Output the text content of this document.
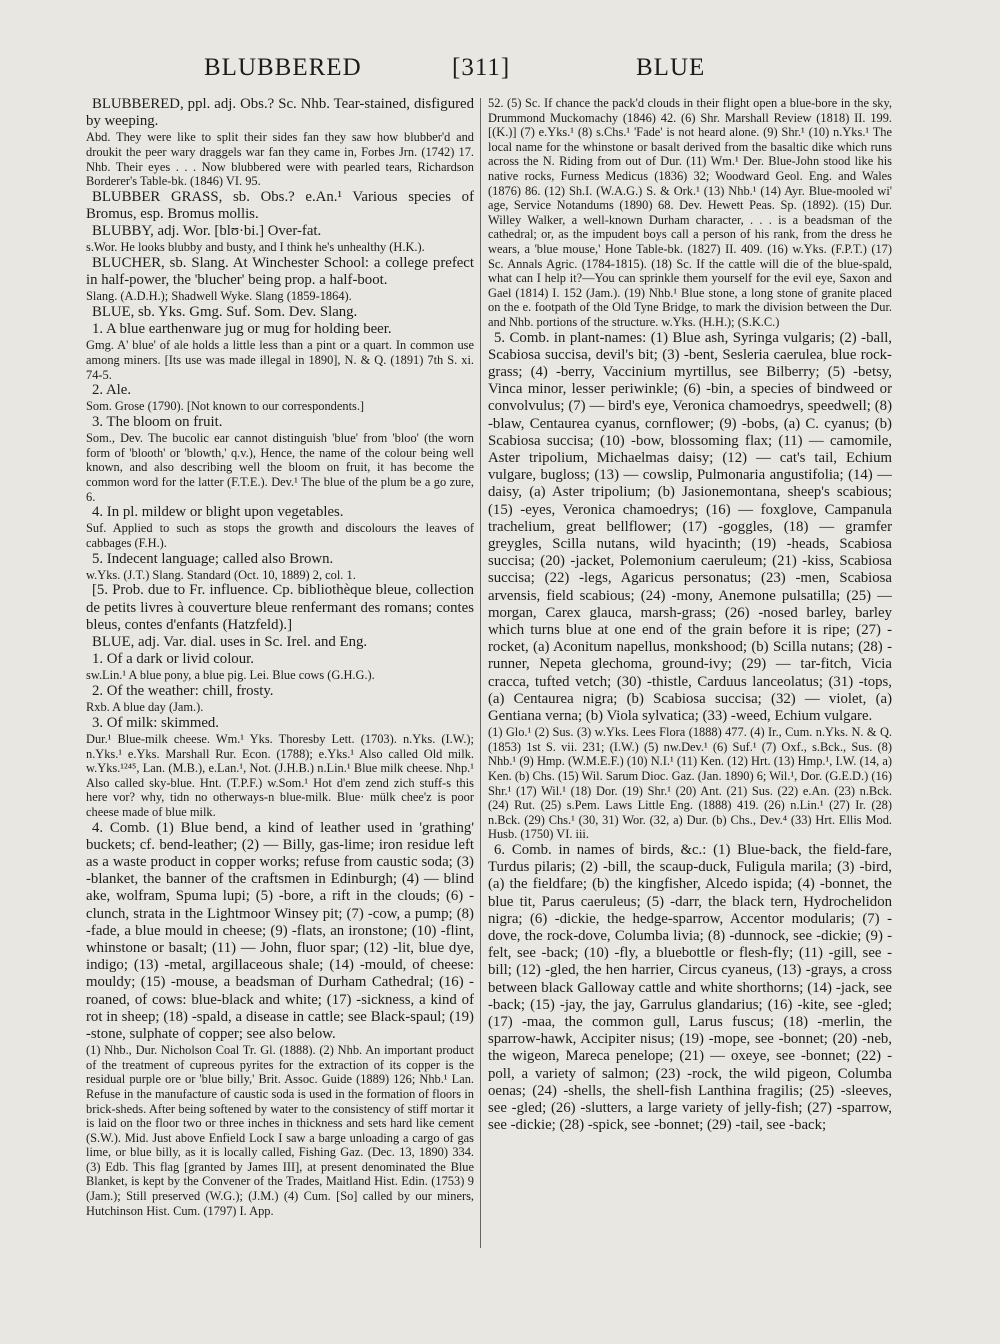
BLUBBERED	[311]	BLUE

BLUBBERED, ppl. adj. Obs.? Sc. Nhb. Tear-stained, disfigured by weeping.

Abd. They were like to split their sides fan they saw how blubber'd and droukit the peer wary draggels war fan they came in, Forbes Jrn. (1742) 17. Nhb. Their eyes . . . Now blubbered were with pearled tears, Richardson Borderer's Table-bk. (1846) VI. 95.

BLUBBER GRASS, sb. Obs.? e.An.¹ Various species of Bromus, esp. Bromus mollis.

BLUBBY, adj. Wor. [blʊ·bi.] Over-fat.

s.Wor. He looks blubby and busty, and I think he's unhealthy (H.K.).

BLUCHER, sb. Slang. At Winchester School: a college prefect in half-power, the 'blucher' being prop. a half-boot.

Slang. (A.D.H.); Shadwell Wyke. Slang (1859-1864).

BLUE, sb. Yks. Gmg. Suf. Som. Dev. Slang.

1. A blue earthenware jug or mug for holding beer.

Gmg. A' blue' of ale holds a little less than a pint or a quart. In common use among miners. [Its use was made illegal in 1890], N. & Q. (1891) 7th S. xi. 74-5.

2. Ale.

Som. Grose (1790). [Not known to our correspondents.]

3. The bloom on fruit.

Som., Dev. The bucolic ear cannot distinguish 'blue' from 'bloo' (the worn form of 'blooth' or 'blowth,' q.v.), Hence, the name of the colour being well known, and also describing well the bloom on fruit, it has become the common word for the latter (F.T.E.). Dev.¹ The blue of the plum be a go zure, 6.

4. In pl. mildew or blight upon vegetables.

Suf. Applied to such as stops the growth and discolours the leaves of cabbages (F.H.).

5. Indecent language; called also Brown.

w.Yks. (J.T.) Slang. Standard (Oct. 10, 1889) 2, col. 1.

[5. Prob. due to Fr. influence. Cp. bibliothèque bleue, collection de petits livres à couverture bleue renfermant des romans; contes bleus, contes d'enfants (Hatzfeld).]

BLUE, adj. Var. dial. uses in Sc. Irel. and Eng.

1. Of a dark or livid colour.

sw.Lin.¹ A blue pony, a blue pig. Lei. Blue cows (G.H.G.).

2. Of the weather: chill, frosty.

Rxb. A blue day (Jam.).

3. Of milk: skimmed.

Dur.¹ Blue-milk cheese. Wm.¹ Yks. Thoresby Lett. (1703). n.Yks. (I.W.); n.Yks.¹ e.Yks. Marshall Rur. Econ. (1788); e.Yks.¹ Also called Old milk. w.Yks.¹²⁴⁵, Lan. (M.B.), e.Lan.¹, Not. (J.H.B.) n.Lin.¹ Blue milk cheese. Nhp.¹ Also called sky-blue. Hnt. (T.P.F.) w.Som.¹ Hot d'em zend zich stuff-s this here vor? why, tidn no otherways-n blue-milk. Blue· mülk chee'z is poor cheese made of blue milk.

4. Comb. (1) Blue bend, a kind of leather used in 'grathing' buckets; cf. bend-leather; (2) — Billy, gas-lime; iron residue left as a waste product in copper works; refuse from caustic soda; (3) -blanket, the banner of the craftsmen in Edinburgh; (4) — blind ake, wolfram, Spuma lupi; (5) -bore, a rift in the clouds; (6) -clunch, strata in the Lightmoor Winsey pit; (7) -cow, a pump; (8) -fade, a blue mould in cheese; (9) -flats, an ironstone; (10) -flint, whinstone or basalt; (11) — John, fluor spar; (12) -lit, blue dye, indigo; (13) -metal, argillaceous shale; (14) -mould, of cheese: mouldy; (15) -mouse, a beadsman of Durham Cathedral; (16) -roaned, of cows: blue-black and white; (17) -sickness, a kind of rot in sheep; (18) -spald, a disease in cattle; see Black-spaul; (19) -stone, sulphate of copper; see also below.

(1) Nhb., Dur. Nicholson Coal Tr. Gl. (1888). (2) Nhb. An important product of the treatment of cupreous pyrites for the extraction of its copper is the residual purple ore or 'blue billy,' Brit. Assoc. Guide (1889) 126; Nhb.¹ Lan. Refuse in the manufacture of caustic soda is used in the formation of floors in brick-sheds. After being softened by water to the consistency of stiff mortar it is laid on the floor two or three inches in thickness and sets hard like cement (S.W.). Mid. Just above Enfield Lock I saw a barge unloading a cargo of gas lime, or blue billy, as it is locally called, Fishing Gaz. (Dec. 13, 1890) 334. (3) Edb. This flag [granted by James III], at present denominated the Blue Blanket, is kept by the Convener of the Trades, Maitland Hist. Edin. (1753) 9 (Jam.); Still preserved (W.G.); (J.M.) (4) Cum. [So] called by our miners, Hutchinson Hist. Cum. (1797) I. App.

52. (5) Sc. If chance the pack'd clouds in their flight open a blue-bore in the sky, Drummond Muckomachy (1846) 42. (6) Shr. Marshall Review (1818) II. 199. [(K.)] (7) e.Yks.¹ (8) s.Chs.¹ 'Fade' is not heard alone. (9) Shr.¹ (10) n.Yks.¹ The local name for the whinstone or basalt derived from the basaltic dike which runs across the N. Riding from out of Dur. (11) Wm.¹ Der. Blue-John stood like his native rocks, Furness Medicus (1836) 32; Woodward Geol. Eng. and Wales (1876) 86. (12) Sh.I. (W.A.G.) S. & Ork.¹ (13) Nhb.¹ (14) Ayr. Blue-mooled wi' age, Service Notandums (1890) 68. Dev. Hewett Peas. Sp. (1892). (15) Dur. Willey Walker, a well-known Durham character, . . . is a beadsman of the cathedral; or, as the impudent boys call a person of his rank, from the dress he wears, a 'blue mouse,' Hone Table-bk. (1827) II. 409. (16) w.Yks. (F.P.T.) (17) Sc. Annals Agric. (1784-1815). (18) Sc. If the cattle will die of the blue-spald, what can I help it?—You can sprinkle them yourself for the evil eye, Saxon and Gael (1814) I. 152 (Jam.). (19) Nhb.¹ Blue stone, a long stone of granite placed on the e. footpath of the Old Tyne Bridge, to mark the division between the Dur. and Nhb. portions of the structure. w.Yks. (H.H.); (S.K.C.)

5. Comb. in plant-names: (1) Blue ash, Syringa vulgaris; (2) -ball, Scabiosa succisa, devil's bit; (3) -bent, Sesleria caerulea, blue rock-grass; (4) -berry, Vaccinium myrtillus, see Bilberry; (5) -betsy, Vinca minor, lesser periwinkle; (6) -bin, a species of bindweed or convolvulus; (7) — bird's eye, Veronica chamoedrys, speedwell; (8) -blaw, Centaurea cyanus, cornflower; (9) -bobs, (a) C. cyanus; (b) Scabiosa succisa; (10) -bow, blossoming flax; (11) — camomile, Aster tripolium, Michaelmas daisy; (12) — cat's tail, Echium vulgare, bugloss; (13) — cowslip, Pulmonaria angustifolia; (14) — daisy, (a) Aster tripolium; (b) Jasionemontana, sheep's scabious; (15) -eyes, Veronica chamoedrys; (16) — foxglove, Campanula trachelium, great bellflower; (17) -goggles, (18) — gramfer greygles, Scilla nutans, wild hyacinth; (19) -heads, Scabiosa succisa; (20) -jacket, Polemonium caeruleum; (21) -kiss, Scabiosa succisa; (22) -legs, Agaricus personatus; (23) -men, Scabiosa arvensis, field scabious; (24) -mony, Anemone pulsatilla; (25) — morgan, Carex glauca, marsh-grass; (26) -nosed barley, barley which turns blue at one end of the grain before it is ripe; (27) -rocket, (a) Aconitum napellus, monkshood; (b) Scilla nutans; (28) -runner, Nepeta glechoma, ground-ivy; (29) — tar-fitch, Vicia cracca, tufted vetch; (30) -thistle, Carduus lanceolatus; (31) -tops, (a) Centaurea nigra; (b) Scabiosa succisa; (32) — violet, (a) Gentiana verna; (b) Viola sylvatica; (33) -weed, Echium vulgare.

(1) Glo.¹ (2) Sus. (3) w.Yks. Lees Flora (1888) 477. (4) Ir., Cum. n.Yks. N. & Q. (1853) 1st S. vii. 231; (I.W.) (5) nw.Dev.¹ (6) Suf.¹ (7) Oxf., s.Bck., Sus. (8) Nhb.¹ (9) Hmp. (W.M.E.F.) (10) N.I.¹ (11) Ken. (12) Hrt. (13) Hmp.¹, I.W. (14, a) Ken. (b) Chs. (15) Wil. Sarum Dioc. Gaz. (Jan. 1890) 6; Wil.¹, Dor. (G.E.D.) (16) Shr.¹ (17) Wil.¹ (18) Dor. (19) Shr.¹ (20) Ant. (21) Sus. (22) e.An. (23) n.Bck. (24) Rut. (25) s.Pem. Laws Little Eng. (1888) 419. (26) n.Lin.¹ (27) Ir. (28) n.Bck. (29) Chs.¹ (30, 31) Wor. (32, a) Dur. (b) Chs., Dev.⁴ (33) Hrt. Ellis Mod. Husb. (1750) VI. iii.

6. Comb. in names of birds, &c.: (1) Blue-back, the field-fare, Turdus pilaris; (2) -bill, the scaup-duck, Fuligula marila; (3) -bird, (a) the fieldfare; (b) the kingfisher, Alcedo ispida; (4) -bonnet, the blue tit, Parus caeruleus; (5) -darr, the black tern, Hydrochelidon nigra; (6) -dickie, the hedge-sparrow, Accentor modularis; (7) -dove, the rock-dove, Columba livia; (8) -dunnock, see -dickie; (9) -felt, see -back; (10) -fly, a bluebottle or flesh-fly; (11) -gill, see -bill; (12) -gled, the hen harrier, Circus cyaneus, (13) -grays, a cross between black Galloway cattle and white shorthorns; (14) -jack, see -back; (15) -jay, the jay, Garrulus glandarius; (16) -kite, see -gled; (17) -maa, the common gull, Larus fuscus; (18) -merlin, the sparrow-hawk, Accipiter nisus; (19) -mope, see -bonnet; (20) -neb, the wigeon, Mareca penelope; (21) — oxeye, see -bonnet; (22) -poll, a variety of salmon; (23) -rock, the wild pigeon, Columba oenas; (24) -shells, the shell-fish Lanthina fragilis; (25) -sleeves, see -gled; (26) -slutters, a large variety of jelly-fish; (27) -sparrow, see -dickie; (28) -spick, see -bonnet; (29) -tail, see -back;
